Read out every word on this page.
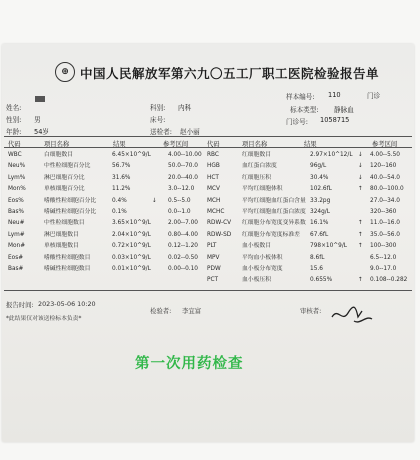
⊕ 中国人民解放军第六九〇五工厂职工医院检验报告单
门诊
姓名:
性别: 男
年龄: 54岁
科别: 内科
床号:
送检者: 赵小丽
样本编号: 110
标本类型: 静脉血
门诊号: 1058715
代码	项目名称	结果	参考区间	代码	项目名称	结果	参考区间
WBC	白细胞数目	6.45×10^9/L	4.00--10.00
Neu%	中性粒细胞百分比	56.7%	50.0--70.0
Lym%	淋巴细胞百分比	31.6%	20.0--40.0
Mon%	单核细胞百分比	11.2%	3.0--12.0
Eos%	嗜酸性粒细胞百分比	0.4%	↓ 0.5--5.0
Bas%	嗜碱性粒细胞百分比	0.1%	0.0--1.0
Neu#	中性粒细胞数目	3.65×10^9/L	2.00--7.00
Lym#	淋巴细胞数目	2.04×10^9/L	0.80--4.00
Mon#	单核细胞数目	0.72×10^9/L	0.12--1.20
Eos#	嗜酸性粒细胞数目	0.03×10^9/L	0.02--0.50
Bas#	嗜碱性粒细胞数目	0.01×10^9/L	0.00--0.10
RBC	红细胞数目	2.97×10^12/L ↓ 4.00--5.50
HGB	血红蛋白浓度	96g/L	↓ 120--160
HCT	红细胞压积	30.4%	↓ 40.0--54.0
MCV	平均红细胞体积	102.6fL	↑ 80.0--100.0
MCH	平均红细胞血红蛋白含量 33.2pg	27.0--34.0
MCHC	平均红细胞血红蛋白浓度 324g/L	320--360
RDW-CV 红细胞分布宽度变异系数 16.1%	↑ 11.0--16.0
RDW-SD 红细胞分布宽度标准差 67.6fL	↑ 35.0--56.0
PLT	血小板数目	798×10^9/L ↑ 100--300
MPV	平均血小板体积	8.6fL	6.5--12.0
PDW	血小板分布宽度	15.6	9.0--17.0
PCT	血小板压积	0.655%	↑ 0.108--0.282
报告时间: 2023-05-06 10:20
检验者: 李宜富	审核者:
*此结果仅对该送检标本负责*
第一次用药检查
